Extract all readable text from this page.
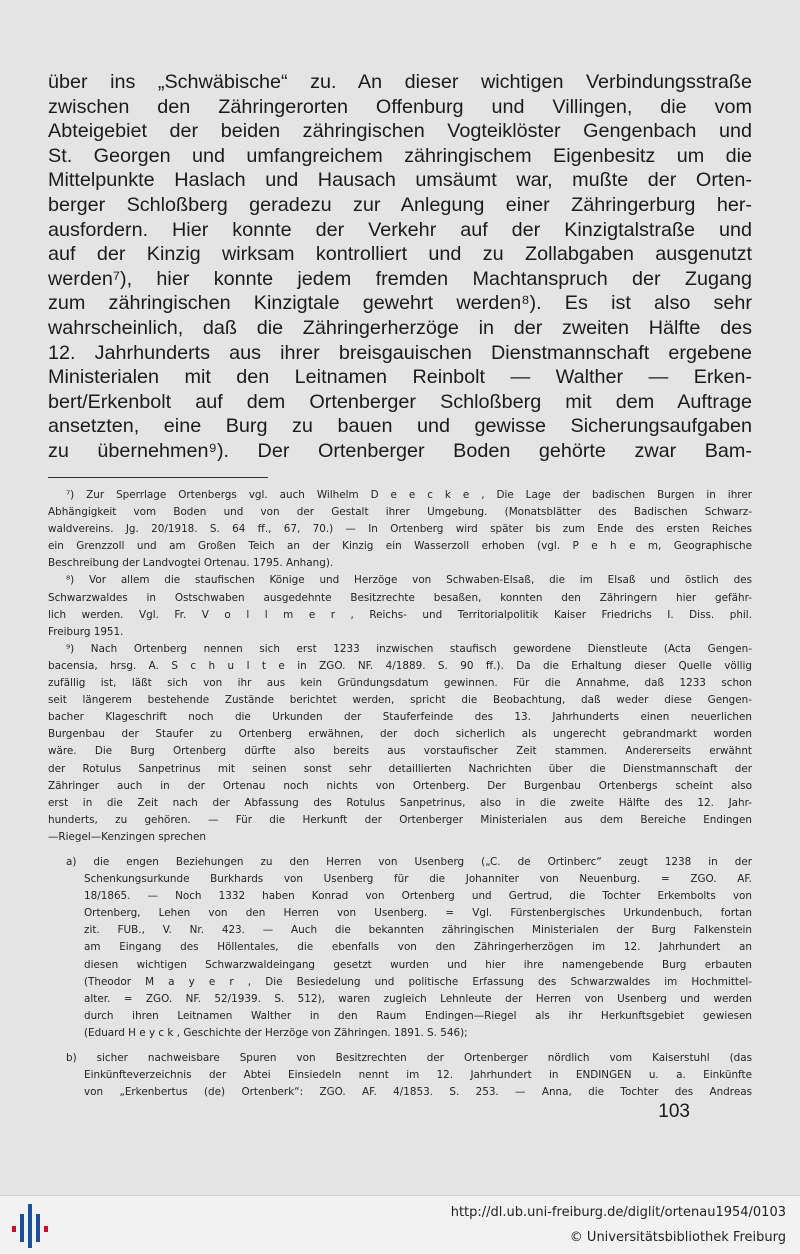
über ins „Schwäbische“ zu. An dieser wichtigen Verbindungsstraße
zwischen den Zähringerorten Offenburg und Villingen, die vom
Abteigebiet der beiden zähringischen Vogteiklöster Gengenbach und
St. Georgen und umfangreichem zähringischem Eigenbesitz um die
Mittelpunkte Haslach und Hausach umsäumt war, mußte der Orten-
berger Schloßberg geradezu zur Anlegung einer Zähringerburg her-
ausfordern. Hier konnte der Verkehr auf der Kinzigtalstraße und
auf der Kinzig wirksam kontrolliert und zu Zollabgaben ausgenutzt
werden⁷), hier konnte jedem fremden Machtanspruch der Zugang
zum zähringischen Kinzigtale gewehrt werden⁸). Es ist also sehr
wahrscheinlich, daß die Zähringerherzöge in der zweiten Hälfte des
12. Jahrhunderts aus ihrer breisgauischen Dienstmannschaft ergebene
Ministerialen mit den Leitnamen Reinbolt — Walther — Erken-
bert/Erkenbolt auf dem Ortenberger Schloßberg mit dem Auftrage
ansetzten, eine Burg zu bauen und gewisse Sicherungsaufgaben
zu übernehmen⁹). Der Ortenberger Boden gehörte zwar Bam-
⁷) Zur Sperrlage Ortenbergs vgl. auch Wilhelm D e e c k e , Die Lage der badischen Burgen in ihrer
Abhängigkeit vom Boden und von der Gestalt ihrer Umgebung. (Monatsblätter des Badischen Schwarz-
waldvereins. Jg. 20/1918. S. 64 ff., 67, 70.) — In Ortenberg wird später bis zum Ende des ersten Reiches
ein Grenzzoll und am Großen Teich an der Kinzig ein Wasserzoll erhoben (vgl. P e h e m, Geographische
Beschreibung der Landvogtei Ortenau. 1795. Anhang).
⁸) Vor allem die staufischen Könige und Herzöge von Schwaben-Elsaß, die im Elsaß und östlich des
Schwarzwaldes in Ostschwaben ausgedehnte Besitzrechte besaßen, konnten den Zähringern hier gefähr-
lich werden. Vgl. Fr. V o l l m e r , Reichs- und Territorialpolitik Kaiser Friedrichs I. Diss. phil.
Freiburg 1951.
⁹) Nach Ortenberg nennen sich erst 1233 inzwischen staufisch gewordene Dienstleute (Acta Gengen-
bacensia, hrsg. A. S c h u l t e in ZGO. NF. 4/1889. S. 90 ff.). Da die Erhaltung dieser Quelle völlig
zufällig ist, läßt sich von ihr aus kein Gründungsdatum gewinnen. Für die Annahme, daß 1233 schon
seit längerem bestehende Zustände berichtet werden, spricht die Beobachtung, daß weder diese Gengen-
bacher Klageschrift noch die Urkunden der Stauferfeinde des 13. Jahrhunderts einen neuerlichen
Burgenbau der Staufer zu Ortenberg erwähnen, der doch sicherlich als ungerecht gebrandmarkt worden
wäre. Die Burg Ortenberg dürfte also bereits aus vorstaufischer Zeit stammen. Andererseits erwähnt
der Rotulus Sanpetrinus mit seinen sonst sehr detaillierten Nachrichten über die Dienstmannschaft der
Zähringer auch in der Ortenau noch nichts von Ortenberg. Der Burgenbau Ortenbergs scheint also
erst in die Zeit nach der Abfassung des Rotulus Sanpetrinus, also in die zweite Hälfte des 12. Jahr-
hunderts, zu gehören. — Für die Herkunft der Ortenberger Ministerialen aus dem Bereiche Endingen
—Riegel—Kenzingen sprechen
a) die engen Beziehungen zu den Herren von Usenberg („C. de Ortinberc“ zeugt 1238 in der
Schenkungsurkunde Burkhards von Usenberg für die Johanniter von Neuenburg. = ZGO. AF.
18/1865. — Noch 1332 haben Konrad von Ortenberg und Gertrud, die Tochter Erkembolts von
Ortenberg, Lehen von den Herren von Usenberg. = Vgl. Fürstenbergisches Urkundenbuch, fortan
zit. FUB., V. Nr. 423. — Auch die bekannten zähringischen Ministerialen der Burg Falkenstein
am Eingang des Höllentales, die ebenfalls von den Zähringerherzögen im 12. Jahrhundert an
diesen wichtigen Schwarzwaldeingang gesetzt wurden und hier ihre namengebende Burg erbauten
(Theodor M a y e r , Die Besiedelung und politische Erfassung des Schwarzwaldes im Hochmittel-
alter. = ZGO. NF. 52/1939. S. 512), waren zugleich Lehnleute der Herren von Usenberg und werden
durch ihren Leitnamen Walther in den Raum Endingen—Riegel als ihr Herkunftsgebiet gewiesen
(Eduard H e y c k , Geschichte der Herzöge von Zähringen. 1891. S. 546);
b) sicher nachweisbare Spuren von Besitzrechten der Ortenberger nördlich vom Kaiserstuhl (das
Einkünfteverzeichnis der Abtei Einsiedeln nennt im 12. Jahrhundert in ENDINGEN u. a. Einkünfte
von „Erkenbertus (de) Ortenberk“: ZGO. AF. 4/1853. S. 253. — Anna, die Tochter des Andreas
103
http://dl.ub.uni-freiburg.de/diglit/ortenau1954/0103
© Universitätsbibliothek Freiburg
